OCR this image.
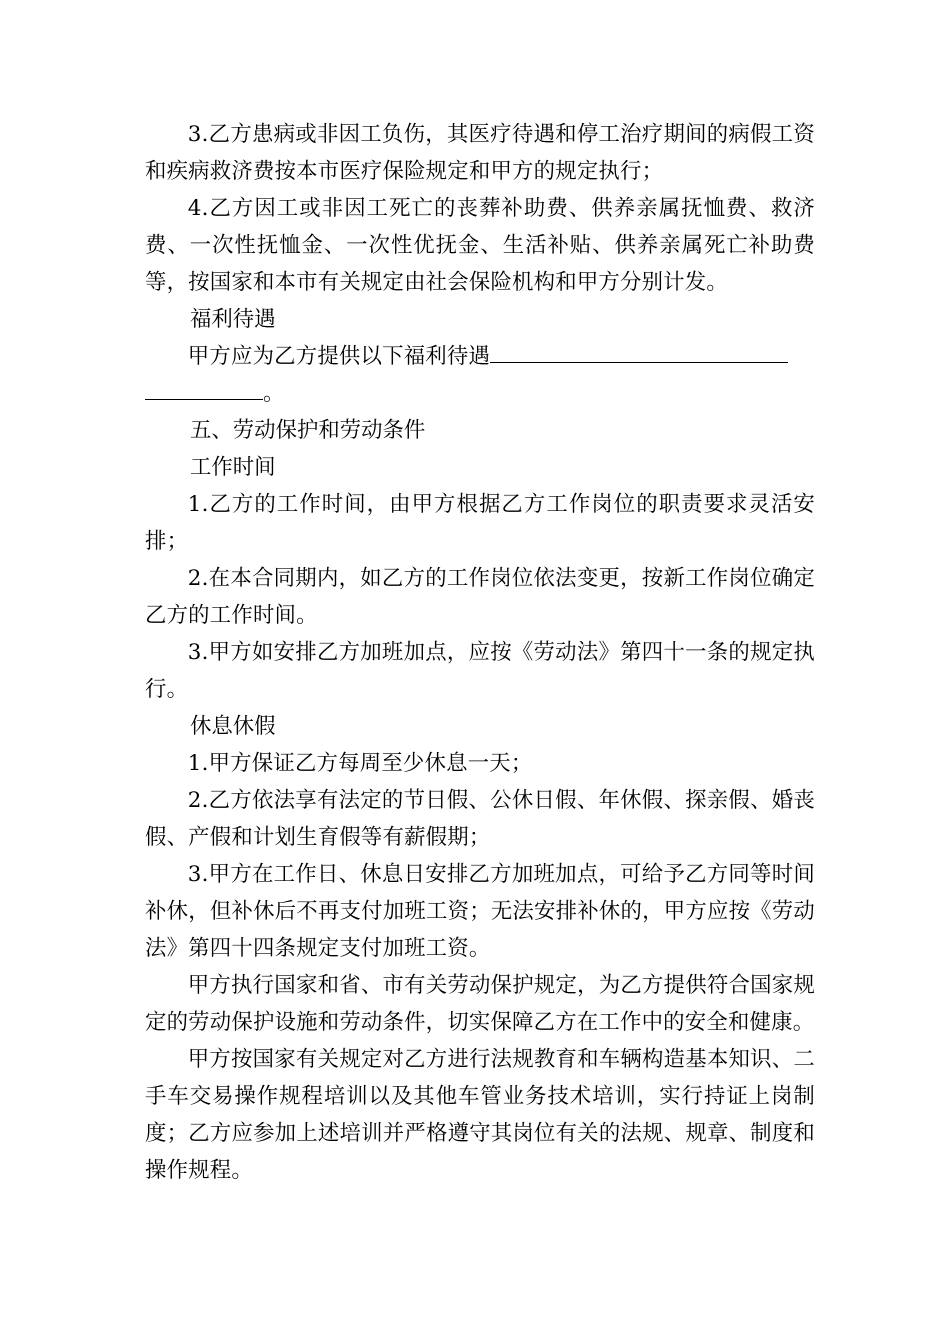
3.乙方患病或非因工负伤，其医疗待遇和停工治疗期间的病假工资和疾病救济费按本市医疗保险规定和甲方的规定执行；

4.乙方因工或非因工死亡的丧葬补助费、供养亲属抚恤费、救济费、一次性抚恤金、一次性优抚金、生活补贴、供养亲属死亡补助费等，按国家和本市有关规定由社会保险机构和甲方分别计发。

福利待遇

甲方应为乙方提供以下福利待遇

。

五、劳动保护和劳动条件

工作时间

1.乙方的工作时间，由甲方根据乙方工作岗位的职责要求灵活安排；

2.在本合同期内，如乙方的工作岗位依法变更，按新工作岗位确定乙方的工作时间。

3.甲方如安排乙方加班加点，应按《劳动法》第四十一条的规定执行。

休息休假

1.甲方保证乙方每周至少休息一天；

2.乙方依法享有法定的节日假、公休日假、年休假、探亲假、婚丧假、产假和计划生育假等有薪假期；

3.甲方在工作日、休息日安排乙方加班加点，可给予乙方同等时间补休，但补休后不再支付加班工资；无法安排补休的，甲方应按《劳动法》第四十四条规定支付加班工资。

甲方执行国家和省、市有关劳动保护规定，为乙方提供符合国家规定的劳动保护设施和劳动条件，切实保障乙方在工作中的安全和健康。

甲方按国家有关规定对乙方进行法规教育和车辆构造基本知识、二手车交易操作规程培训以及其他车管业务技术培训，实行持证上岗制度；乙方应参加上述培训并严格遵守其岗位有关的法规、规章、制度和操作规程。
